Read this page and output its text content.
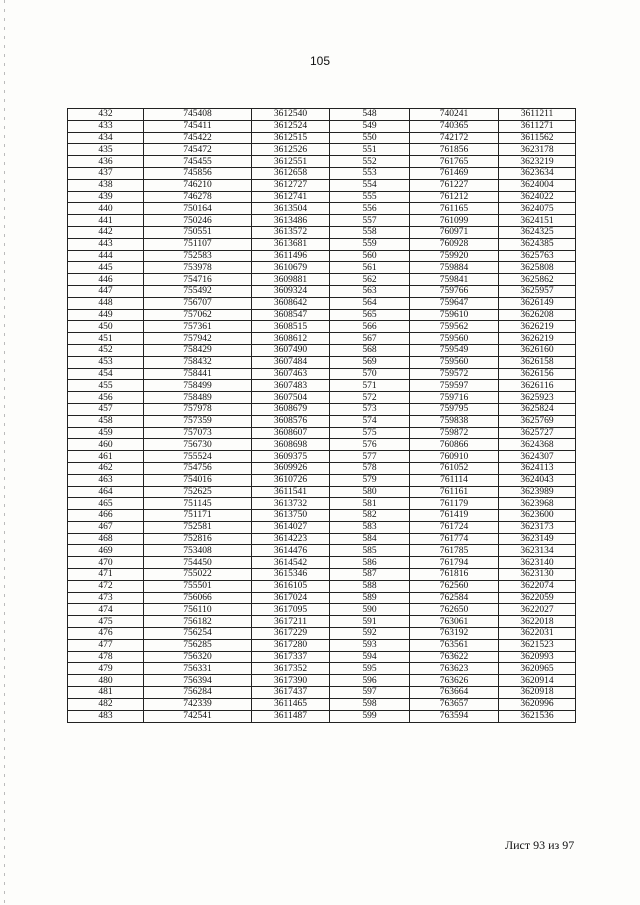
105
432	745408	3612540	548	740241	3611211
433	745411	3612524	549	740365	3611271
434	745422	3612515	550	742172	3611562
435	745472	3612526	551	761856	3623178
436	745455	3612551	552	761765	3623219
437	745856	3612658	553	761469	3623634
438	746210	3612727	554	761227	3624004
439	746278	3612741	555	761212	3624022
440	750164	3613504	556	761165	3624075
441	750246	3613486	557	761099	3624151
442	750551	3613572	558	760971	3624325
443	751107	3613681	559	760928	3624385
444	752583	3611496	560	759920	3625763
445	753978	3610679	561	759884	3625808
446	754716	3609881	562	759841	3625862
447	755492	3609324	563	759766	3625957
448	756707	3608642	564	759647	3626149
449	757062	3608547	565	759610	3626208
450	757361	3608515	566	759562	3626219
451	757942	3608612	567	759560	3626219
452	758429	3607490	568	759549	3626160
453	758432	3607484	569	759560	3626158
454	758441	3607463	570	759572	3626156
455	758499	3607483	571	759597	3626116
456	758489	3607504	572	759716	3625923
457	757978	3608679	573	759795	3625824
458	757359	3608576	574	759838	3625769
459	757073	3608607	575	759872	3625727
460	756730	3608698	576	760866	3624368
461	755524	3609375	577	760910	3624307
462	754756	3609926	578	761052	3624113
463	754016	3610726	579	761114	3624043
464	752625	3611541	580	761161	3623989
465	751145	3613732	581	761179	3623968
466	751171	3613750	582	761419	3623600
467	752581	3614027	583	761724	3623173
468	752816	3614223	584	761774	3623149
469	753408	3614476	585	761785	3623134
470	754450	3614542	586	761794	3623140
471	755022	3615346	587	761816	3623130
472	755501	3616105	588	762560	3622074
473	756066	3617024	589	762584	3622059
474	756110	3617095	590	762650	3622027
475	756182	3617211	591	763061	3622018
476	756254	3617229	592	763192	3622031
477	756285	3617280	593	763561	3621523
478	756320	3617337	594	763622	3620993
479	756331	3617352	595	763623	3620965
480	756394	3617390	596	763626	3620914
481	756284	3617437	597	763664	3620918
482	742339	3611465	598	763657	3620996
483	742541	3611487	599	763594	3621536
Лист 93 из 97
